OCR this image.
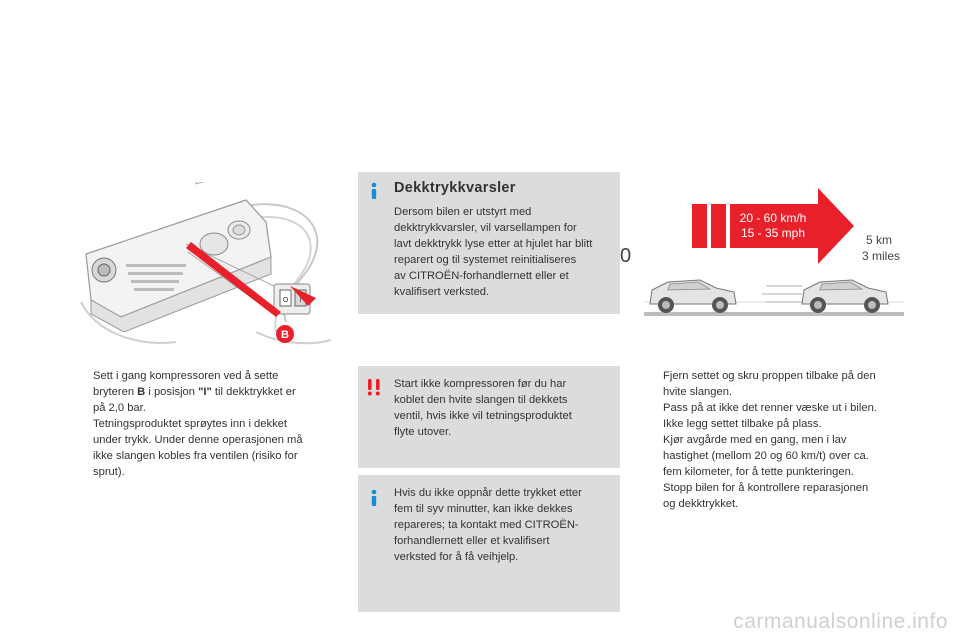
O I
B
Sett i gang kompressoren ved å sette
bryteren B i posisjon "I" til dekktrykket er
på 2,0 bar.
Tetningsproduktet sprøytes inn i dekket
under trykk. Under denne operasjonen må
ikke slangen kobles fra ventilen (risiko for
sprut).
Dekktrykkvarsler
Dersom bilen er utstyrt med
dekktrykkvarsler, vil varsellampen for
lavt dekktrykk lyse etter at hjulet har blitt
reparert og til systemet reinitialiseres
av CITROËN-forhandlernett eller et
kvalifisert verksted.
Start ikke kompressoren før du har
koblet den hvite slangen til dekkets
ventil, hvis ikke vil tetningsproduktet
flyte utover.
Hvis du ikke oppnår dette trykket etter
fem til syv minutter, kan ikke dekkes
repareres; ta kontakt med CITROËN-
forhandlernett eller et kvalifisert
verksted for å få veihjelp.
20 - 60 km/h
15 - 35 mph
0
5 km
3 miles
Fjern settet og skru proppen tilbake på den
hvite slangen.
Pass på at ikke det renner væske ut i bilen.
Ikke legg settet tilbake på plass.
Kjør avgårde med en gang, men i lav
hastighet (mellom 20 og 60 km/t) over ca.
fem kilometer, for å tette punkteringen.
Stopp bilen for å kontrollere reparasjonen
og dekktrykket.
carmanualsonline.info
